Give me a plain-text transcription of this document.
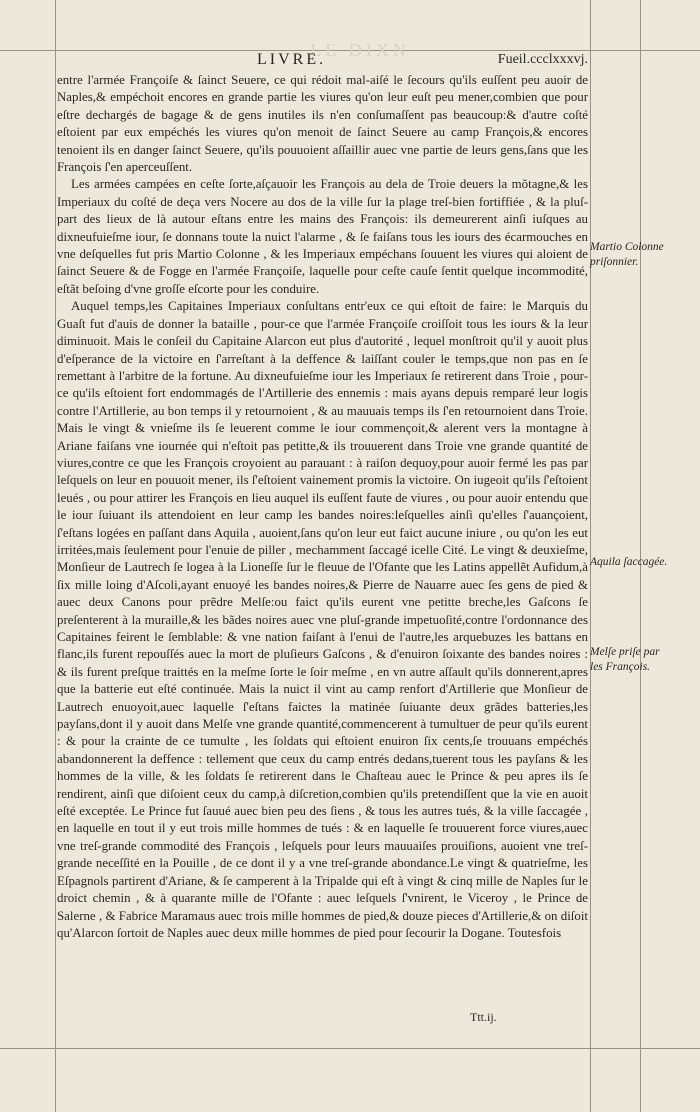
LE DIXN
LIVRE.	Fueil.ccclxxxvj.

entre l'armée Françoiſe & ſainct Seuere, ce qui rédoit mal-aiſé le ſecours qu'ils euſſent peu auoir de Naples,& empéchoit encores en grande partie les viures qu'on leur euſt peu mener,combien que pour eſtre dechargés de bagage & de gens inutiles ils n'en conſumaſſent pas beaucoup:& d'autre coſté eſtoient par eux empéchés les viures qu'on menoit de ſainct Seuere au camp François,& encores tenoient ils en danger ſainct Seuere, qu'ils pouuoient aſſaillir auec vne partie de leurs gens,ſans que les François ſ'en aperceuſſent.

Les armées campées en ceſte ſorte,aſçauoir les François au dela de Troie deuers la mõtagne,& les Imperiaux du coſté de deça vers Nocere au dos de la ville ſur la plage treſ-bien fortiffiée , & la pluſ-part des lieux de là autour eſtans entre les mains des François: ils demeurerent ainſi iuſques au dixneufuieſme iour, ſe donnans toute la nuict l'alarme , & ſe faiſans tous les iours des écarmouches en vne deſquelles fut pris Martio Colonne , & les Imperiaux empéchans ſouuent les viures qui aloient de ſainct Seuere & de Fogge en l'armée Françoiſe, laquelle pour ceſte cauſe ſentit quelque incommodité, eſtãt beſoing d'vne groſſe eſcorte pour les conduire.

Auquel temps,les Capitaines Imperiaux conſultans entr'eux ce qui eſtoit de faire: le Marquis du Guaſt fut d'auis de donner la bataille , pour-ce que l'armée Françoiſe croiſſoit tous les iours & la leur diminuoit. Mais le conſeil du Capitaine Alarcon eut plus d'autorité , lequel monſtroit qu'il y auoit plus d'eſperance de la victoire en ſ'arreſtant à la deffence & laiſſant couler le temps,que non pas en ſe remettant à l'arbitre de la fortune. Au dixneufuieſme iour les Imperiaux ſe retirerent dans Troie , pour-ce qu'ils eſtoient fort endommagés de l'Artillerie des ennemis : mais ayans depuis remparé leur logis contre l'Artillerie, au bon temps il y retournoient , & au mauuais temps ils ſ'en retournoient dans Troie. Mais le vingt & vnieſme ils ſe leuerent comme le iour commençoit,& alerent vers la montagne à Ariane faiſans vne iournée qui n'eſtoit pas petitte,& ils trouuerent dans Troie vne grande quantité de viures,contre ce que les François croyoient au parauant : à raiſon dequoy,pour auoir fermé les pas par leſquels on leur en pouuoit mener, ils ſ'eſtoient vainement promis la victoire. On iugeoit qu'ils ſ'eſtoient leués , ou pour attirer les François en lieu auquel ils euſſent faute de viures , ou pour auoir entendu que le iour ſuiuant ils attendoient en leur camp les bandes noires:leſquelles ainſi qu'elles ſ'auançoient, ſ'eſtans logées en paſſant dans Aquila , auoient,ſans qu'on leur eut faict aucune iniure , ou qu'on les eut irritées,mais ſeulement pour l'enuie de piller , mechamment ſaccagé icelle Cité. Le vingt & deuxieſme, Monſieur de Lautrech ſe logea à la Lioneſſe ſur le fleuue de l'Ofante que les Latins appellẽt Aufidum,à ſix mille loing d'Aſcoli,ayant enuoyé les bandes noires,& Pierre de Nauarre auec ſes gens de pied & auec deux Canons pour prẽdre Melſe:ou faict qu'ils eurent vne petitte breche,les Gaſcons ſe preſenterent à la muraille,& les bãdes noires auec vne pluſ-grande impetuoſité,contre l'ordonnance des Capitaines feirent le ſemblable: & vne nation faiſant à l'enui de l'autre,les arquebuzes les battans en flanc,ils furent repouſſés auec la mort de pluſieurs Gaſcons , & d'enuiron ſoixante des bandes noires : & ils furent preſque traittés en la meſme ſorte le ſoir meſme , en vn autre aſſault qu'ils donnerent,apres que la batterie eut eſté continuée. Mais la nuict il vint au camp renfort d'Artillerie que Monſieur de Lautrech enuoyoit,auec laquelle ſ'eſtans faictes la matinée ſuiuante deux grãdes batteries,les payſans,dont il y auoit dans Melſe vne grande quantité,commencerent à tumultuer de peur qu'ils eurent : & pour la crainte de ce tumulte , les ſoldats qui eſtoient enuiron ſix cents,ſe trouuans empéchés abandonnerent la deffence : tellement que ceux du camp entrés dedans,tuerent tous les payſans & les hommes de la ville, & les ſoldats ſe retirerent dans le Chaſteau auec le Prince & peu apres ils ſe rendirent, ainſi que diſoient ceux du camp,à diſcretion,combien qu'ils pretendiſſent que la vie en auoit eſté exceptée. Le Prince fut ſauué auec bien peu des ſiens , & tous les autres tués, & la ville ſaccagée , en laquelle en tout il y eut trois mille hommes de tués : & en laquelle ſe trouuerent force viures,auec vne treſ-grande commodité des François , leſquels pour leurs mauuaiſes prouiſions, auoient vne treſ-grande neceſſité en la Pouille , de ce dont il y a vne treſ-grande abondance.Le vingt & quatrieſme, les Eſpagnols partirent d'Ariane, & ſe camperent à la Tripalde qui eſt à vingt & cinq mille de Naples ſur le droict chemin , & à quarante mille de l'Ofante : auec leſquels ſ'vnirent, le Viceroy , le Prince de Salerne , & Fabrice Maramaus auec trois mille hommes de pied,& douze pieces d'Artillerie,& on diſoit qu'Alarcon ſortoit de Naples auec deux mille hommes de pied pour ſecourir la Dogane. Toutesfois

Martio Colonne priſonnier.
Aquila ſaccagée.
Melſe priſe par les François.
Ttt.ij.
